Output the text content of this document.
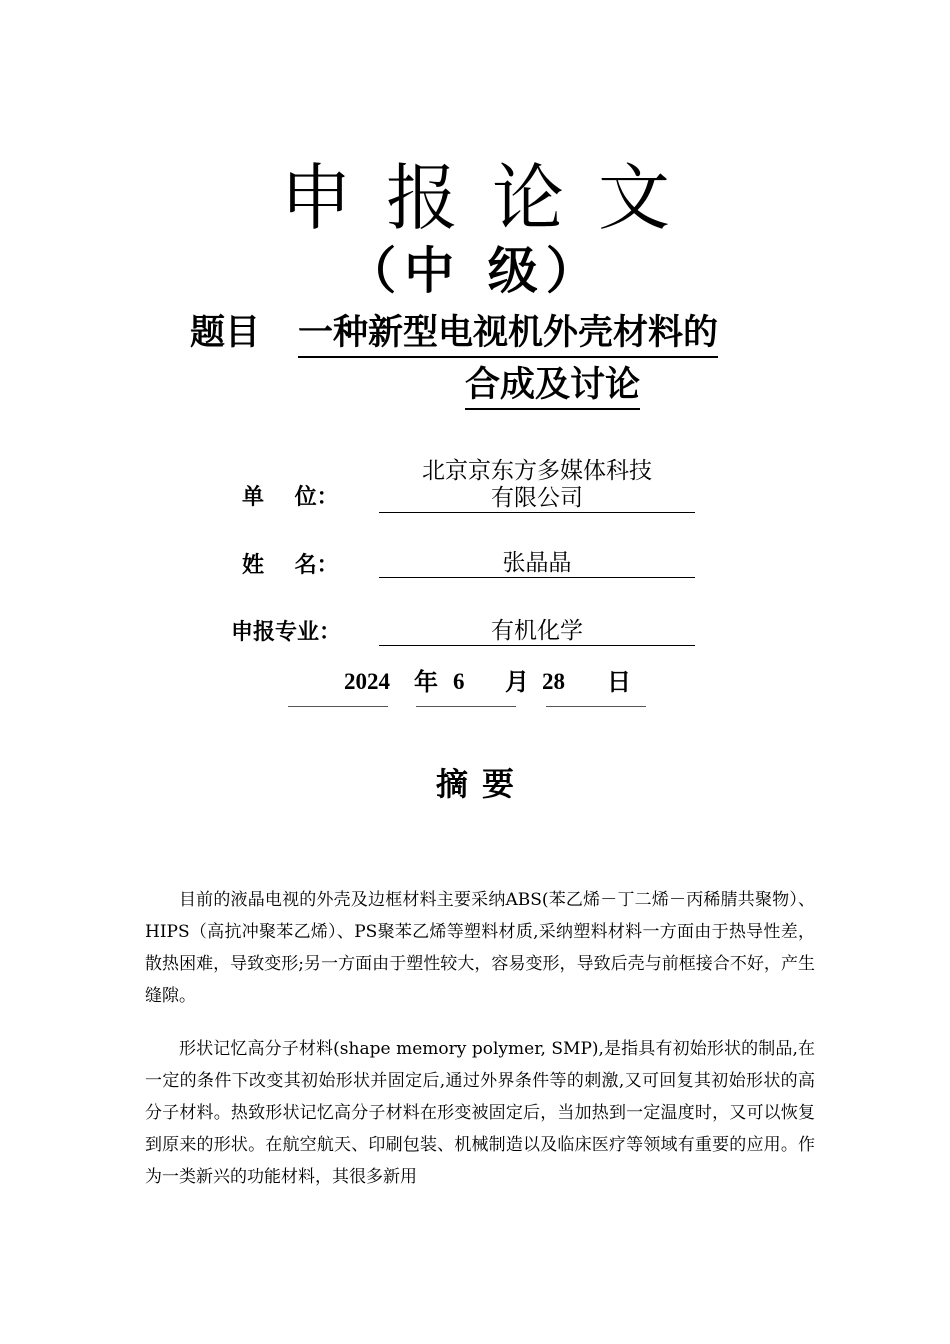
申报论文
（中 级）
题目 一种新型电视机外壳材料的
合成及讨论
单    位：
北京京东方多媒体科技
有限公司
姓    名：	张晶晶
申报专业：	有机化学
2024 年 6 月 28 日
摘要

目前的液晶电视的外壳及边框材料主要采纳ABS(苯乙烯－丁二烯－丙稀腈共聚物）、HIPS（高抗冲聚苯乙烯）、PS聚苯乙烯等塑料材质,采纳塑料材料一方面由于热导性差，散热困难，导致变形;另一方面由于塑性较大，容易变形，导致后壳与前框接合不好，产生缝隙。

形状记忆高分子材料(shape memory polymer, SMP),是指具有初始形状的制品,在一定的条件下改变其初始形状并固定后,通过外界条件等的刺激,又可回复其初始形状的高分子材料。热致形状记忆高分子材料在形变被固定后，当加热到一定温度时，又可以恢复到原来的形状。在航空航天、印刷包装、机械制造以及临床医疗等领域有重要的应用。作为一类新兴的功能材料，其很多新用
